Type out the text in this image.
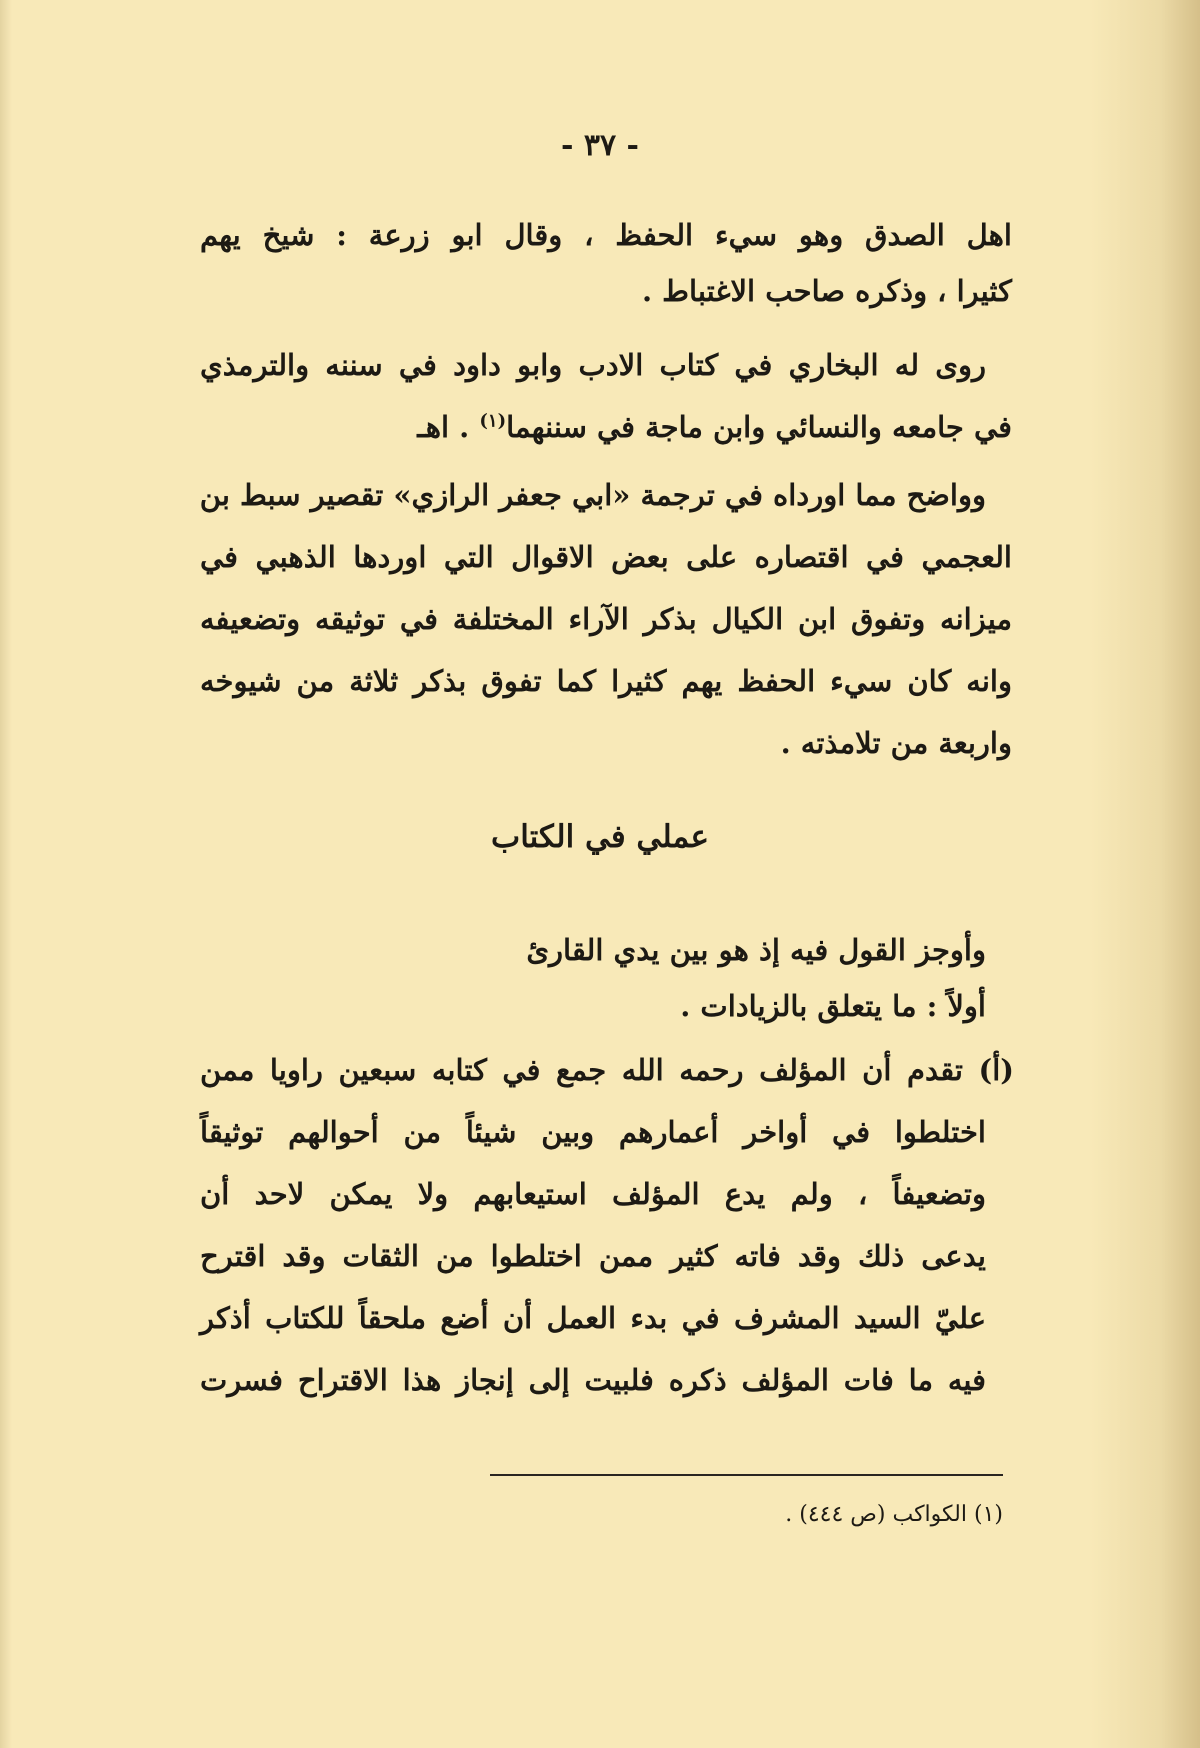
- ٣٧ -
اهل الصدق وهو سيء الحفظ ، وقال ابو زرعة : شيخ يهم
كثيرا ، وذكره صاحب الاغتباط .
روى له البخاري في كتاب الادب وابو داود في سننه والترمذي
في جامعه والنسائي وابن ماجة في سننهما$^{(١)}$ . اهـ
وواضح مما اورداه في ترجمة «ابي جعفر الرازي» تقصير سبط بن
العجمي في اقتصاره على بعض الاقوال التي اوردها الذهبي في
ميزانه وتفوق ابن الكيال بذكر الآراء المختلفة في توثيقه وتضعيفه
وانه كان سيء الحفظ يهم كثيرا كما تفوق بذكر ثلاثة من شيوخه
واربعة من تلامذته .
عملي في الكتاب
وأوجز القول فيه إذ هو بين يدي القارئ
أولاً : ما يتعلق بالزيادات .
(أ) تقدم أن المؤلف رحمه الله جمع في كتابه سبعين راويا ممن
اختلطوا في أواخر أعمارهم وبين شيئاً من أحوالهم توثيقاً
وتضعيفاً ، ولم يدع المؤلف استيعابهم ولا يمكن لاحد أن
يدعى ذلك وقد فاته كثير ممن اختلطوا من الثقات وقد اقترح
عليّ السيد المشرف في بدء العمل أن أضع ملحقاً للكتاب أذكر
فيه ما فات المؤلف ذكره فلبيت إلى إنجاز هذا الاقتراح فسرت
(١) الكواكب (ص ٤٤٤) .
